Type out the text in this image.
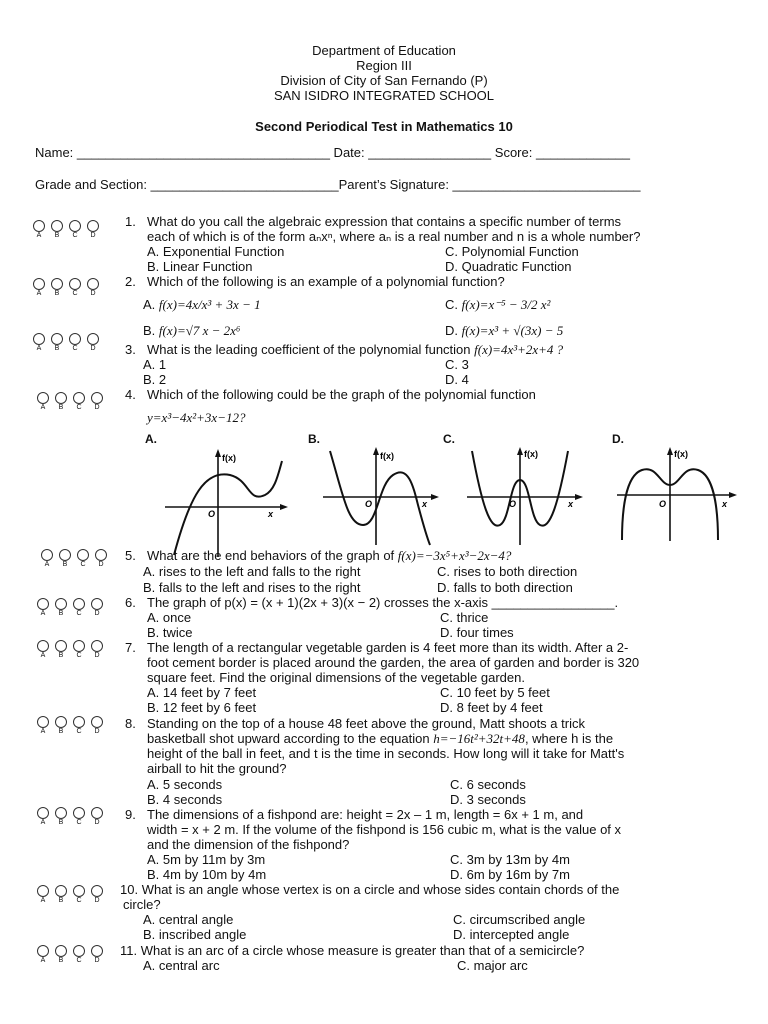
Department of Education
Region III
Division of City of San Fernando (P)
SAN ISIDRO INTEGRATED SCHOOL
Second Periodical Test in Mathematics 10
Name: ___________________________________ Date: _________________ Score: _____________
Grade and Section: __________________________Parent’s Signature: __________________________
A	B	C	D
A	B	C	D
A	B	C	D
A	B	C	D
A	B	C	D
A	B	C	D
A	B	C	D
A	B	C	D
A	B	C	D
A	B	C	D
A	B	C	D
1. What do you call the algebraic expression that contains a specific number of terms
each of which is of the form aₙxⁿ, where aₙ is a real number and n is a whole number?
A. Exponential Function	C. Polynomial Function
B. Linear Function	D. Quadratic Function
2. Which of the following is an example of a polynomial function?
A. f(x)=4x/x³ + 3x − 1	C. f(x)=x⁻⁵ − 3/2 x²
B. f(x)=√7 x − 2x⁶	D. f(x)=x³ + √(3x) − 5
3. What is the leading coefficient of the polynomial function f(x)=4x³+2x+4 ?
A. 1	C. 3
B. 2	D. 4
4. Which of the following could be the graph of the polynomial function
y=x³−4x²+3x−12?
A.	B.	C.	D.
f(x)
O	x
f(x)
O	x
f(x)
O	x
f(x)
O	x
5. What are the end behaviors of the graph of f(x)=−3x⁵+x³−2x−4?
A. rises to the left and falls to the right	C. rises to both direction
B. falls to the left and rises to the right	D. falls to both direction
6. The graph of p(x) = (x + 1)(2x + 3)(x − 2) crosses the x-axis _________________.
A. once	C. thrice
B. twice	D. four times
7. The length of a rectangular vegetable garden is 4 feet more than its width. After a 2-
foot cement border is placed around the garden, the area of garden and border is 320
square feet. Find the original dimensions of the vegetable garden.
A. 14 feet by 7 feet	C. 10 feet by 5 feet
B. 12 feet by 6 feet	D. 8 feet by 4 feet
8. Standing on the top of a house 48 feet above the ground, Matt shoots a trick
basketball shot upward according to the equation h=−16t²+32t+48, where h is the
height of the ball in feet, and t is the time in seconds. How long will it take for Matt's
airball to hit the ground?
A. 5 seconds	C. 6 seconds
B. 4 seconds	D. 3 seconds
9. The dimensions of a fishpond are: height = 2x – 1 m, length = 6x + 1 m, and
width = x + 2 m. If the volume of the fishpond is 156 cubic m, what is the value of x
and the dimension of the fishpond?
A. 5m by 11m by 3m	C. 3m by 13m by 4m
B. 4m by 10m by 4m	D. 6m by 16m by 7m
10. What is an angle whose vertex is on a circle and whose sides contain chords of the
circle?
A. central angle	C. circumscribed angle
B. inscribed angle	D. intercepted angle
11. What is an arc of a circle whose measure is greater than that of a semicircle?
A. central arc	C. major arc
